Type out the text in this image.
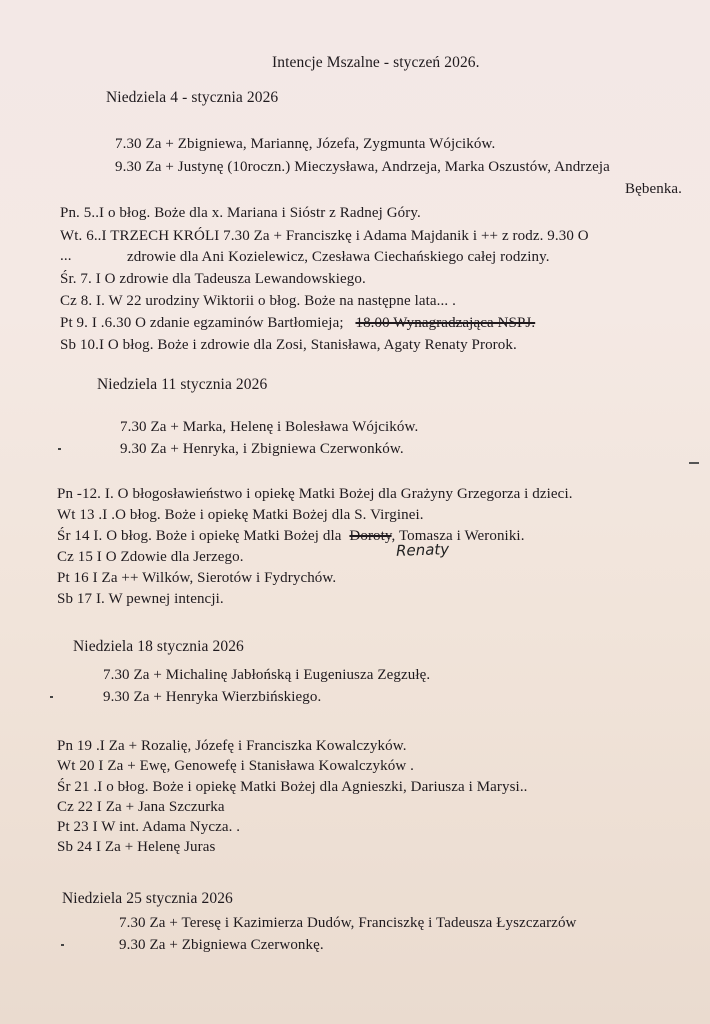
Intencje Mszalne - styczeń 2026.
Niedziela 4 - stycznia 2026
7.30 Za + Zbigniewa, Mariannę, Józefa, Zygmunta Wójcików.
9.30 Za + Justynę (10roczn.) Mieczysława, Andrzeja, Marka Oszustów, Andrzeja
Bębenka.
Pn. 5..I o błog. Boże dla x. Mariana i Sióstr z Radnej Góry.
Wt. 6..I TRZECH KRÓLI 7.30 Za + Franciszkę i Adama Majdanik i ++ z rodz. 9.30 O
...	zdrowie dla Ani Kozielewicz, Czesława Ciechańskiego całej rodziny.
Śr. 7. I O zdrowie dla Tadeusza Lewandowskiego.
Cz 8. I. W 22 urodziny Wiktorii o błog. Boże na następne lata... .
Pt 9. I .6.30 O zdanie egzaminów Bartłomieja; 18.00 Wynagradzająca NSPJ.
Sb 10.I O błog. Boże i zdrowie dla Zosi, Stanisława, Agaty Renaty Prorok.
Niedziela 11 stycznia 2026
7.30 Za + Marka, Helenę i Bolesława Wójcików.
9.30 Za + Henryka, i Zbigniewa Czerwonków.
Pn -12. I. O błogosławieństwo i opiekę Matki Bożej dla Grażyny Grzegorza i dzieci.
Wt 13 .I .O błog. Boże i opiekę Matki Bożej dla S. Virginei.
Śr 14 I. O błog. Boże i opiekę Matki Bożej dla Doroty, Tomasza i Weroniki.
Renaty
Cz 15 I O Zdowie dla Jerzego.
Pt 16 I Za ++ Wilków, Sierotów i Fydrychów.
Sb 17 I. W pewnej intencji.
Niedziela 18 stycznia 2026
7.30 Za + Michalinę Jabłońską i Eugeniusza Zegzułę.
9.30 Za + Henryka Wierzbińskiego.
Pn 19 .I Za + Rozalię, Józefę i Franciszka Kowalczyków.
Wt 20 I Za + Ewę, Genowefę i Stanisława Kowalczyków .
Śr 21 .I o błog. Boże i opiekę Matki Bożej dla Agnieszki, Dariusza i Marysi..
Cz 22 I Za + Jana Szczurka
Pt 23 I W int. Adama Nycza. .
Sb 24 I Za + Helenę Juras
Niedziela 25 stycznia 2026
7.30 Za + Teresę i Kazimierza Dudów, Franciszkę i Tadeusza Łyszczarzów
9.30 Za + Zbigniewa Czerwonkę.
